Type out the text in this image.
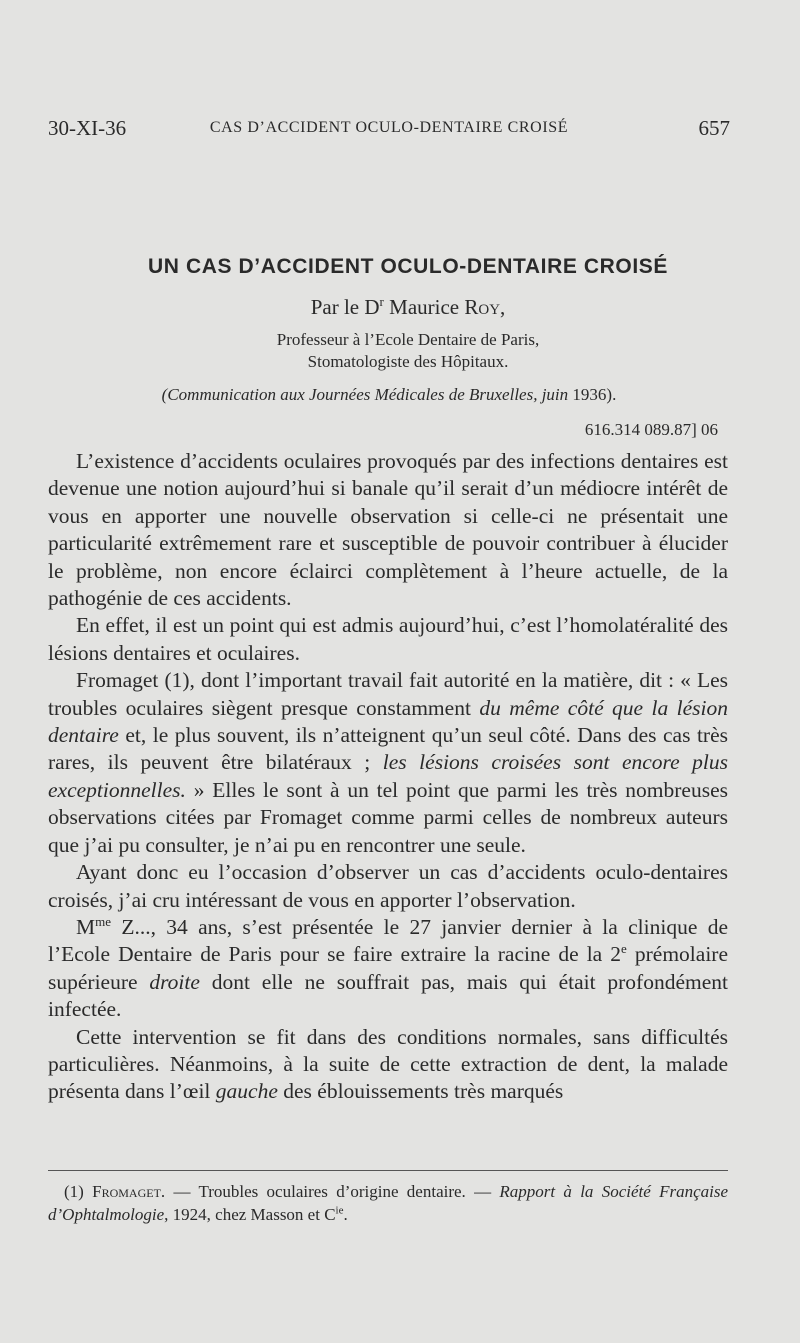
30-XI-36	CAS D’ACCIDENT OCULO-DENTAIRE CROISÉ	657
UN CAS D’ACCIDENT OCULO-DENTAIRE CROISÉ
Par le $D^r$ Maurice Roy,
Professeur à l’Ecole Dentaire de Paris,
Stomatologiste des Hôpitaux.
(Communication aux Journées Médicales de Bruxelles, juin 1936).
616.314 089.87] 06

L’existence d’accidents oculaires provoqués par des infections dentaires est devenue une notion aujourd’hui si banale qu’il serait d’un médiocre intérêt de vous en apporter une nouvelle observation si celle-ci ne présentait une particularité extrêmement rare et susceptible de pouvoir contribuer à élucider le problème, non encore éclairci complètement à l’heure actuelle, de la pathogénie de ces accidents.

En effet, il est un point qui est admis aujourd’hui, c’est l’homolatéralité des lésions dentaires et oculaires.

Fromaget (1), dont l’important travail fait autorité en la matière, dit : « Les troubles oculaires siègent presque constamment du même côté que la lésion dentaire et, le plus souvent, ils n’atteignent qu’un seul côté. Dans des cas très rares, ils peuvent être bilatéraux ; les lésions croisées sont encore plus exceptionnelles. » Elles le sont à un tel point que parmi les très nombreuses observations citées par Fromaget comme parmi celles de nombreux auteurs que j’ai pu consulter, je n’ai pu en rencontrer une seule.

Ayant donc eu l’occasion d’observer un cas d’accidents oculo-dentaires croisés, j’ai cru intéressant de vous en apporter l’observation.

$M^{me}$ Z..., 34 ans, s’est présentée le 27 janvier dernier à la clinique de l’Ecole Dentaire de Paris pour se faire extraire la racine de la 2e prémolaire supérieure droite dont elle ne souffrait pas, mais qui était profondément infectée.

Cette intervention se fit dans des conditions normales, sans difficultés particulières. Néanmoins, à la suite de cette extraction de dent, la malade présenta dans l’œil gauche des éblouissements très marqués

(1) Fromaget. — Troubles oculaires d’origine dentaire. — Rapport à la Société Française d’Ophtalmologie, 1924, chez Masson et $C^{ie}$.
